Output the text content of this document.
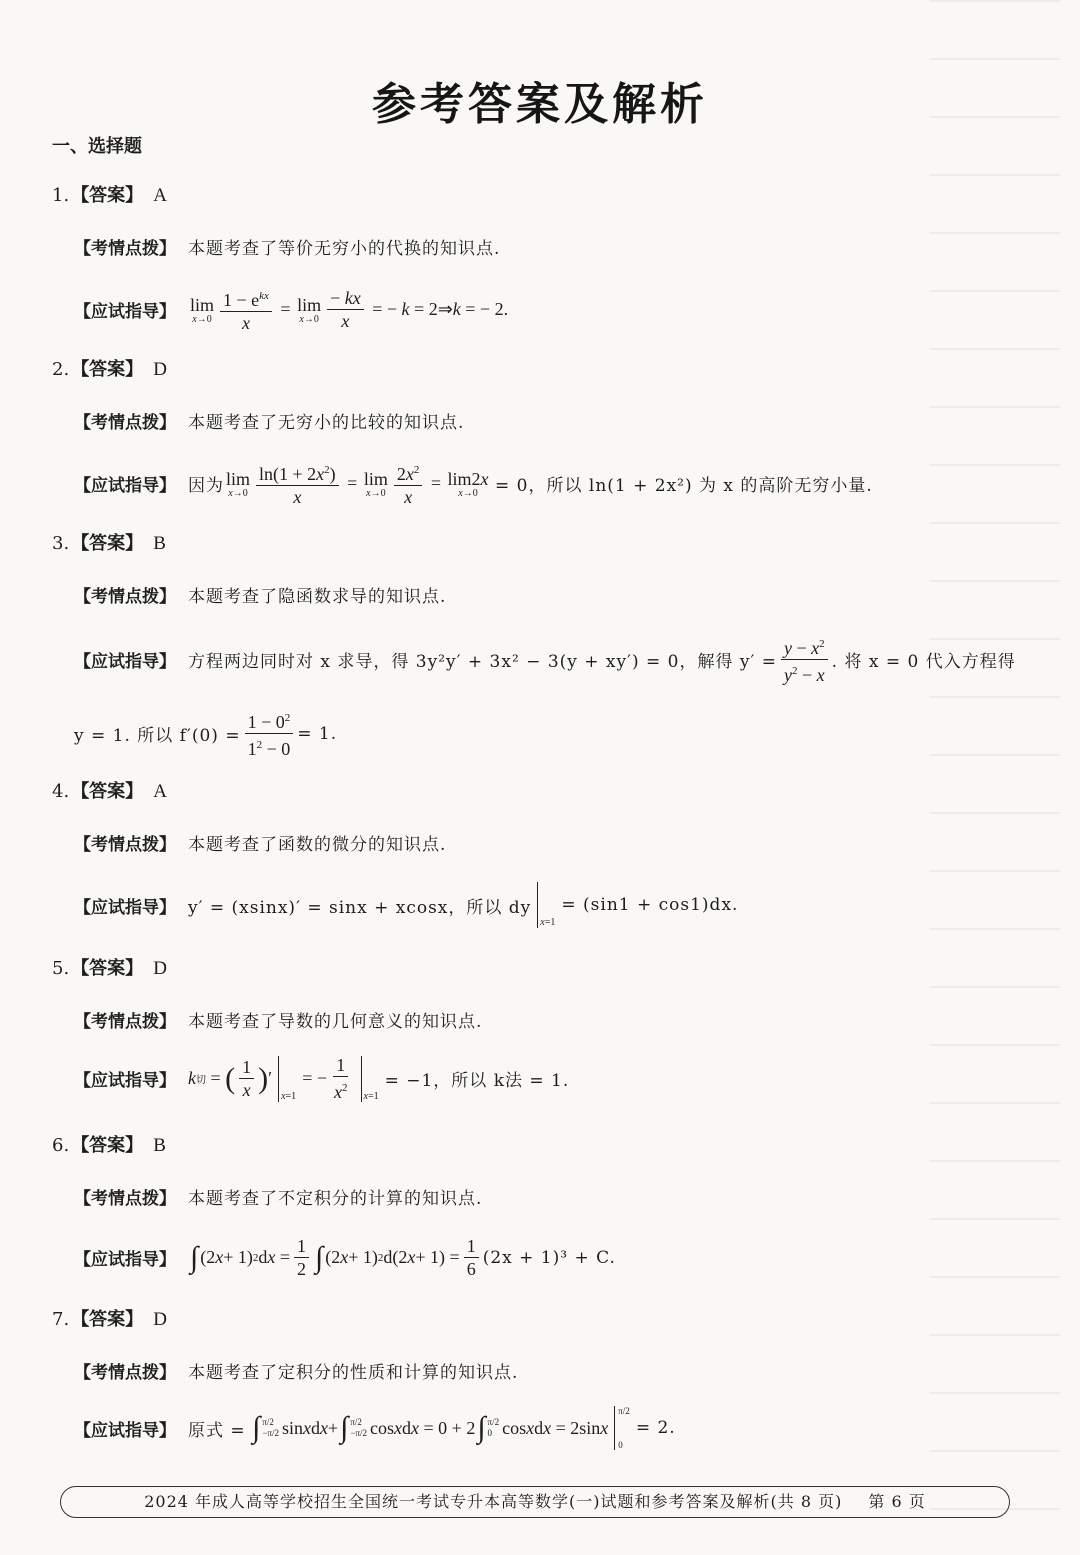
参考答案及解析
一、选择题
1. 【答案】 A
【考情点拨】 本题考查了等价无穷小的代换的知识点.
【应试指导】 lim
$x\to 0 \frac{1 - e^{kx}}{x} = \lim$
$x\to 0 \frac{- kx}{x}$ = − k = 2⇒ k = − 2.
2. 【答案】 D
【考情点拨】 本题考查了无穷小的比较的知识点.
【应试指导】 因为 lim
$x\to 0 \frac{\ln(1 + 2x^2)}{x} = \lim$
$x\to 0 \frac{2x^2}{x} = \lim 2x$
x→0
= 0，所以 ln(1 + 2x²) 为 x 的高阶无穷小量.
3. 【答案】 B
【考情点拨】 本题考查了隐函数求导的知识点.
【应试指导】 方程两边同时对 x 求导，得 3y²y′ + 3x² − 3(y + xy′) = 0，解得 $y' = \frac{y - x^2}{y^2 - x}$ . 将 x = 0 代入方程得
y = 1. 所以 $f'(0) = \frac{1 - 0^2}{1^2 - 0} = 1$.
4. 【答案】 A
【考情点拨】 本题考查了函数的微分的知识点.
【应试指导】 y′ = (xsinx)′ = sinx + xcosx，所以 dy
x=1
= (sin1 + cos1)dx.
5. 【答案】 D
【考情点拨】 本题考查了导数的几何意义的知识点.
【应试指导】 k 切 = ( $\frac{1}{x}$ ) ′
x=1
= − $\frac{1}{x^2} x=1$
= −1，所以 k法 = 1.
6. 【答案】 B
【考情点拨】 本题考查了不定积分的计算的知识点.
【应试指导】 ∫ (2 x + 1) 2 d $x = \frac{1}{2}$ ∫ (2 x + 1) 2 d(2 $x + 1) = \frac{1}{6} (2x + 1)^3 + C$.
7. 【答案】 D
【考情点拨】 本题考查了定积分的性质和计算的知识点.
【应试指导】 原式 =
∫ π/2
−π/2 sin x d x + ∫ π/2
−π/2 cos x d x = 0 + 2 ∫ π/2
0 cos x d x = 2sin x
π/2
0
= 2.
2024 年成人高等学校招生全国统一考试专升本高等数学(一)试题和参考答案及解析(共 8 页) 第 6 页
